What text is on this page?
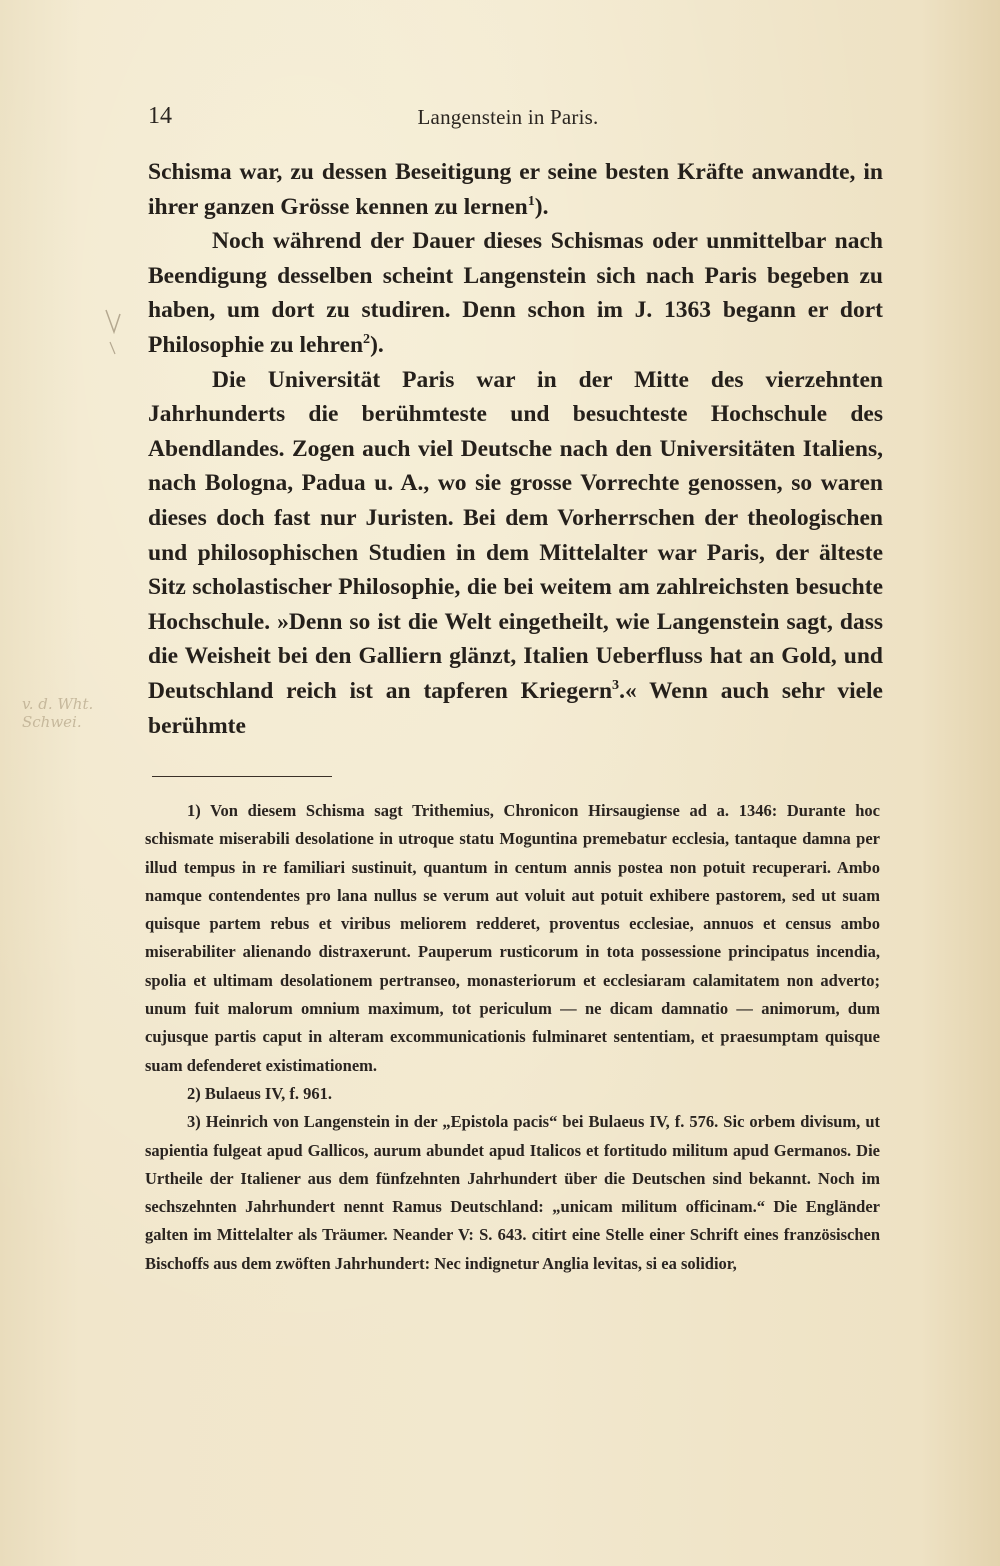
14	Langenstein in Paris.

Schisma war, zu dessen Beseitigung er seine besten Kräfte anwandte, in ihrer ganzen Grösse kennen zu lernen$^1$).

Noch während der Dauer dieses Schismas oder unmittelbar nach Beendigung desselben scheint Langenstein sich nach Paris begeben zu haben, um dort zu studiren. Denn schon im J. 1363 begann er dort Philosophie zu lehren$^2$).

Die Universität Paris war in der Mitte des vierzehnten Jahrhunderts die berühmteste und besuchteste Hochschule des Abendlandes. Zogen auch viel Deutsche nach den Universitäten Italiens, nach Bologna, Padua u. A., wo sie grosse Vorrechte genossen, so waren dieses doch fast nur Juristen. Bei dem Vorherrschen der theologischen und philosophischen Studien in dem Mittelalter war Paris, der älteste Sitz scholastischer Philosophie, die bei weitem am zahlreichsten besuchte Hochschule. »Denn so ist die Welt eingetheilt, wie Langenstein sagt, dass die Weisheit bei den Galliern glänzt, Italien Ueberfluss hat an Gold, und Deutschland reich ist an tapferen Kriegern$^3$.« Wenn auch sehr viele berühmte

1) Von diesem Schisma sagt Trithemius, Chronicon Hirsaugiense ad a. 1346: Durante hoc schismate miserabili desolatione in utroque statu Moguntina premebatur ecclesia, tantaque damna per illud tempus in re familiari sustinuit, quantum in centum annis postea non potuit recuperari. Ambo namque contendentes pro lana nullus se verum aut voluit aut potuit exhibere pastorem, sed ut suam quisque partem rebus et viribus meliorem redderet, proventus ecclesiae, annuos et census ambo miserabiliter alienando distraxerunt. Pauperum rusticorum in tota possessione principatus incendia, spolia et ultimam desolationem pertranseo, monasteriorum et ecclesiaram calamitatem non adverto; unum fuit malorum omnium maximum, tot periculum — ne dicam damnatio — animorum, dum cujusque partis caput in alteram excommunicationis fulminaret sententiam, et praesumptam quisque suam defenderet existimationem.

2) Bulaeus IV, f. 961.

3) Heinrich von Langenstein in der „Epistola pacis“ bei Bulaeus IV, f. 576. Sic orbem divisum, ut sapientia fulgeat apud Gallicos, aurum abundet apud Italicos et fortitudo militum apud Germanos. Die Urtheile der Italiener aus dem fünfzehnten Jahrhundert über die Deutschen sind bekannt. Noch im sechszehnten Jahrhundert nennt Ramus Deutschland: „unicam militum officinam.“ Die Engländer galten im Mittelalter als Träumer. Neander V: S. 643. citirt eine Stelle einer Schrift eines französischen Bischoffs aus dem zwöften Jahrhundert: Nec indignetur Anglia levitas, si ea solidior,

v. d. Wht. Schwei.
